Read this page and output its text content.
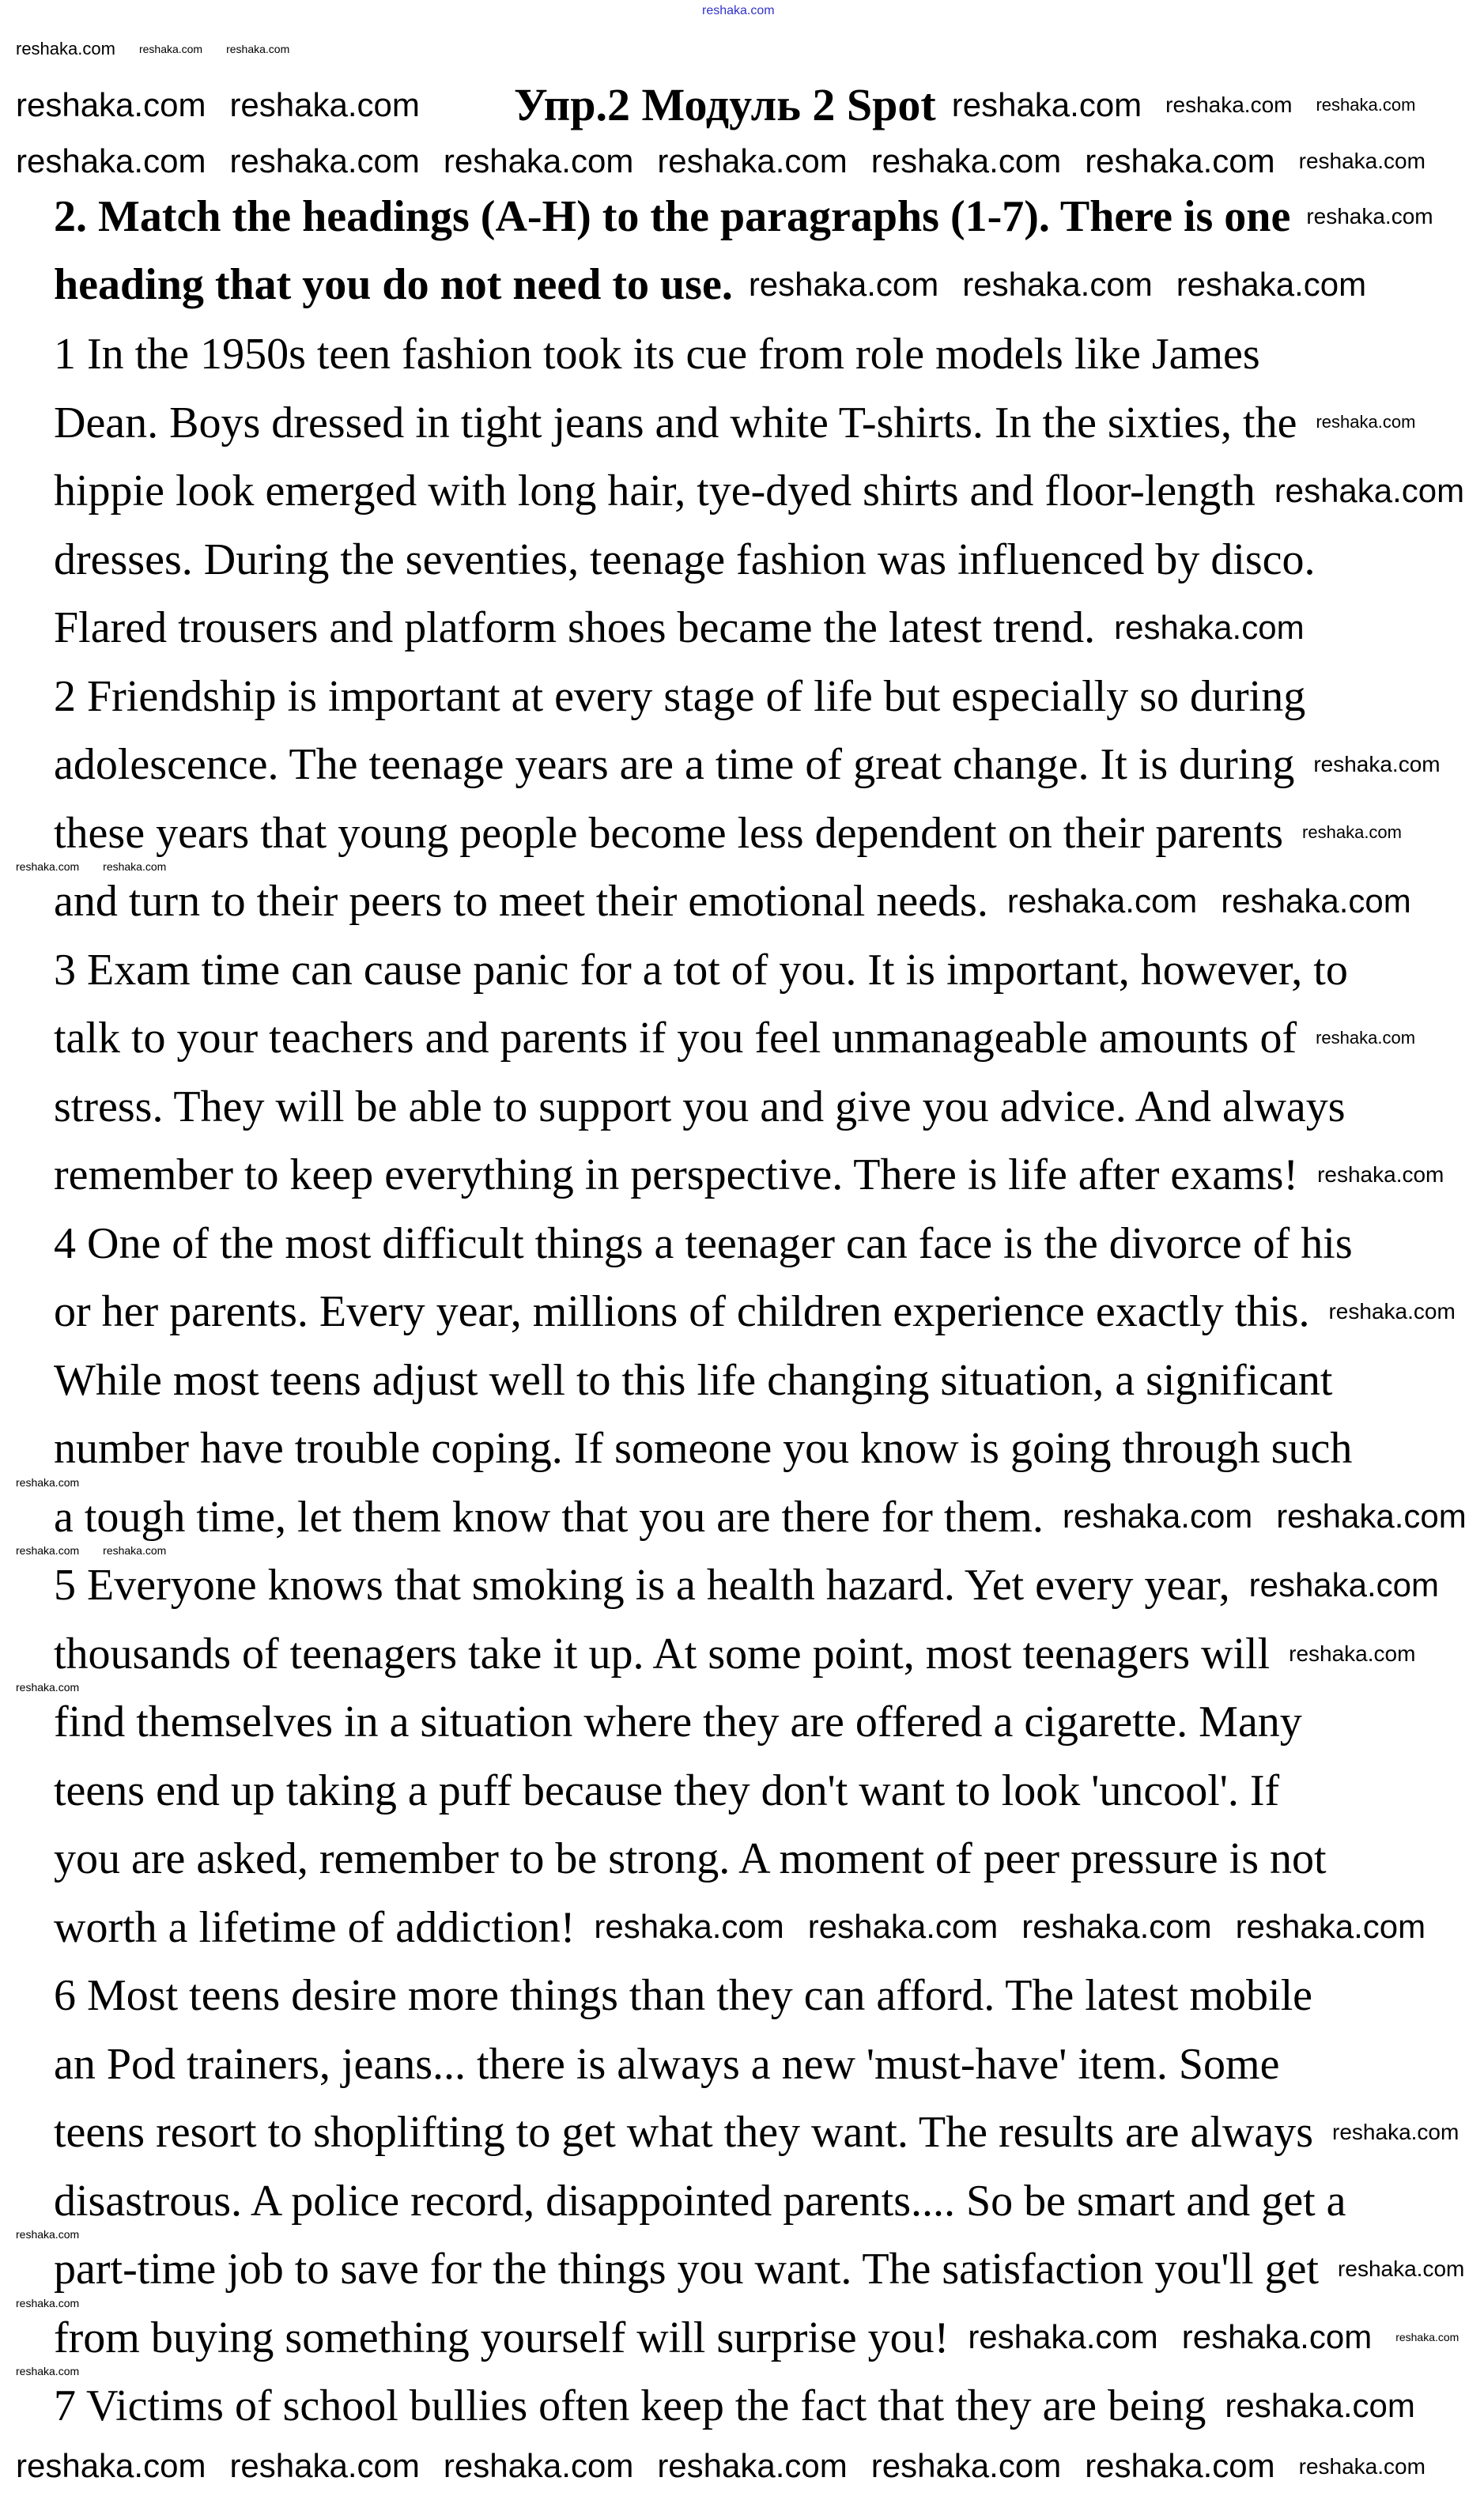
reshaka.com
Упр.2 Модуль 2 Spot
2. Match the headings (A-H) to the paragraphs (1-7). There is one
heading that you do not need to use.
1 In the 1950s teen fashion took its cue from role models like James
Dean. Boys dressed in tight jeans and white T-shirts. In the sixties, the
hippie look emerged with long hair, tye-dyed shirts and floor-length
dresses. During the seventies, teenage fashion was influenced by disco.
Flared trousers and platform shoes became the latest trend.
2 Friendship is important at every stage of life but especially so during
adolescence. The teenage years are a time of great change. It is during
these years that young people become less dependent on their parents
and turn to their peers to meet their emotional needs.
3 Exam time can cause panic for a tot of you. It is important, however, to
talk to your teachers and parents if you feel unmanageable amounts of
stress. They will be able to support you and give you advice. And always
remember to keep everything in perspective. There is life after exams!
4 One of the most difficult things a teenager can face is the divorce of his
or her parents. Every year, millions of children experience exactly this.
While most teens adjust well to this life changing situation, a significant
number have trouble coping. If someone you know is going through such
a tough time, let them know that you are there for them.
5 Everyone knows that smoking is a health hazard. Yet every year,
thousands of teenagers take it up. At some point, most teenagers will
find themselves in a situation where they are offered a cigarette. Many
teens end up taking a puff because they don't want to look 'uncool'. If
you are asked, remember to be strong. A moment of peer pressure is not
worth a lifetime of addiction!
6 Most teens desire more things than they can afford. The latest mobile
an Pod trainers, jeans... there is always a new 'must-have' item. Some
teens resort to shoplifting to get what they want. The results are always
disastrous. A police record, disappointed parents.... So be smart and get a
part-time job to save for the things you want. The satisfaction you'll get
from buying something yourself will surprise you!
7 Victims of school bullies often keep the fact that they are being
reshaka.com
reshaka.com reshaka.com
reshaka.com	reshaka.com
reshaka.com
reshaka.com
reshaka.com
reshaka.com
reshaka.com reshaka.com
reshaka.com
reshaka.com
reshaka.com
reshaka.com
reshaka.com reshaka.com
reshaka.com
reshaka.com reshaka.com
reshaka.com reshaka.com
reshaka.com
reshaka.com
reshaka.com
reshaka.com
reshaka.com
reshaka.com
reshaka.com reshaka.com reshaka.com reshaka.com
reshaka.com
reshaka.com
reshaka.com
reshaka.com
reshaka.com
reshaka.com reshaka.com
reshaka.com
reshaka.com
reshaka.com reshaka.com reshaka.com reshaka.com reshaka.com reshaka.com
reshaka.com reshaka.com reshaka.com
reshaka.com
reshaka.com
reshaka.com
reshaka.com
reshaka.com
reshaka.com
reshaka.com
reshaka.com
reshaka.com
